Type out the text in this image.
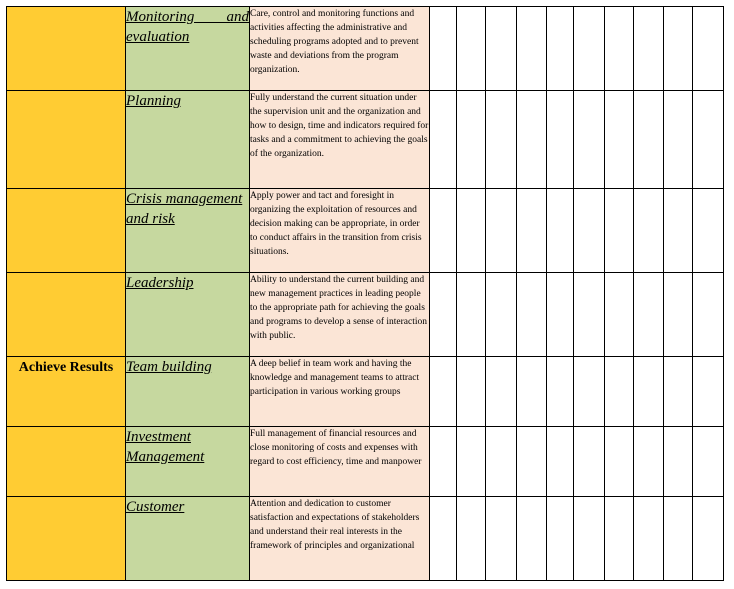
	Monitoring and evaluation	Care, control and monitoring functions and activities affecting the administrative and scheduling programs adopted and to prevent waste and deviations from the program organization.										

	Planning	Fully understand the current situation under the supervision unit and the organization and how to design, time and indicators required for tasks and a commitment to achieving the goals of the organization.										

	Crisis management and risk	Apply power and tact and foresight in organizing the exploitation of resources and decision making can be appropriate, in order to conduct affairs in the transition from crisis situations.										

	Leadership	Ability to understand the current building and new management practices in leading people to the appropriate path for achieving the goals and programs to develop a sense of interaction with public.										

Achieve Results	Team building	A deep belief in team work and having the knowledge and management teams to attract participation in various working groups										

	Investment Management	Full management of financial resources and close monitoring of costs and expenses with regard to cost efficiency, time and manpower										

	Customer	Attention and dedication to customer satisfaction and expectations of stakeholders and understand their real interests in the framework of principles and organizational										
